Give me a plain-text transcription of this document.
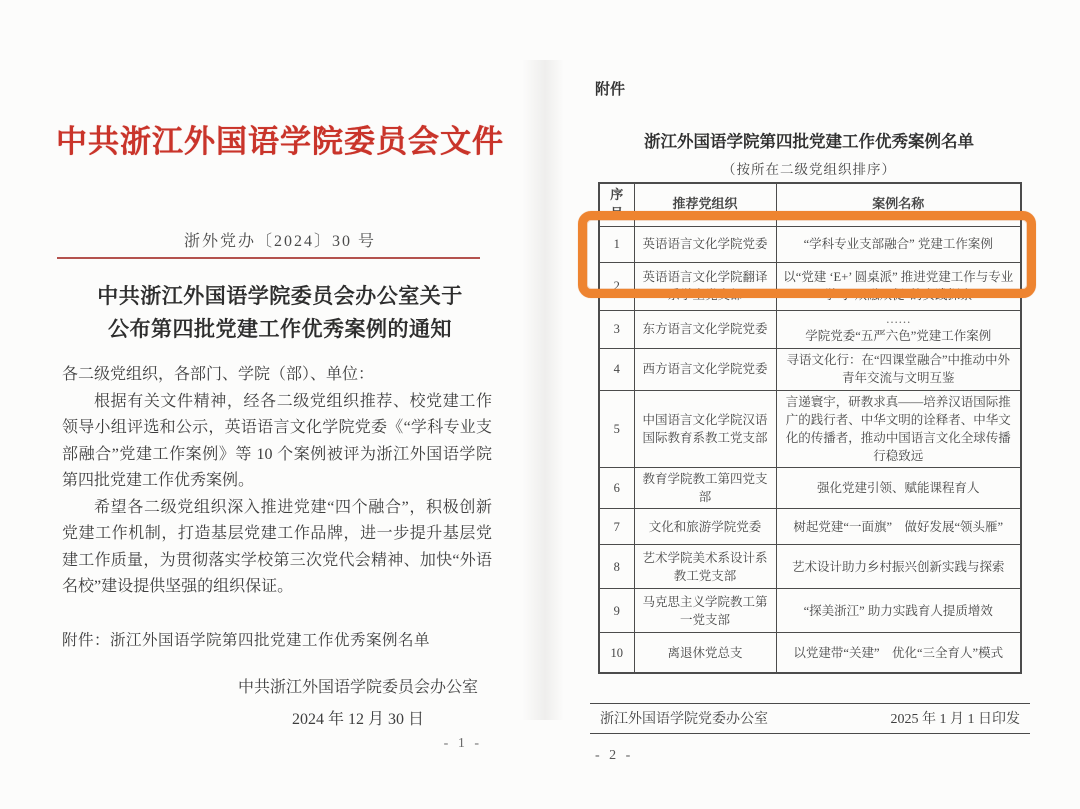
中共浙江外国语学院委员会文件
浙外党办〔2024〕30 号
中共浙江外国语学院委员会办公室关于
公布第四批党建工作优秀案例的通知

各二级党组织，各部门、学院（部）、单位：

根据有关文件精神，经各二级党组织推荐、校党建工作领导小组评选和公示，英语语言文化学院党委《“学科专业支部融合”党建工作案例》等 10 个案例被评为浙江外国语学院第四批党建工作优秀案例。

希望各二级党组织深入推进党建“四个融合”，积极创新党建工作机制，打造基层党建工作品牌，进一步提升基层党建工作质量，为贯彻落实学校第三次党代会精神、加快“外语名校”建设提供坚强的组织保证。

附件：浙江外国语学院第四批党建工作优秀案例名单
中共浙江外国语学院委员会办公室
2024 年 12 月 30 日
- 1 -
附件
浙江外国语学院第四批党建工作优秀案例名单
（按所在二级党组织排序）
序号	推荐党组织	案例名称
1	英语语言文化学院党委	“学科专业支部融合” 党建工作案例
2	英语语言文化学院翻译系学生党支部	以“党建 ‘E+’ 圆桌派” 推进党建工作与专业学习“双融双促”的实践探索
3	东方语言文化学院党委	……
学院党委“五严六色”党建工作案例
4	西方语言文化学院党委	寻语文化行：在“四课堂融合”中推动中外青年交流与文明互鉴
5	中国语言文化学院汉语国际教育系教工党支部	言递寰宇，研教求真——培养汉语国际推广的践行者、中华文明的诠释者、中华文化的传播者，推动中国语言文化全球传播行稳致远
6	教育学院教工第四党支部	强化党建引领、赋能课程育人
7	文化和旅游学院党委	树起党建“一面旗”　做好发展“领头雁”
8	艺术学院美术系设计系教工党支部	艺术设计助力乡村振兴创新实践与探索
9	马克思主义学院教工第一党支部	“探美浙江” 助力实践育人提质增效
10	离退休党总支	以党建带“关建”　优化“三全育人”模式
浙江外国语学院党委办公室	2025 年 1 月 1 日印发
- 2 -
